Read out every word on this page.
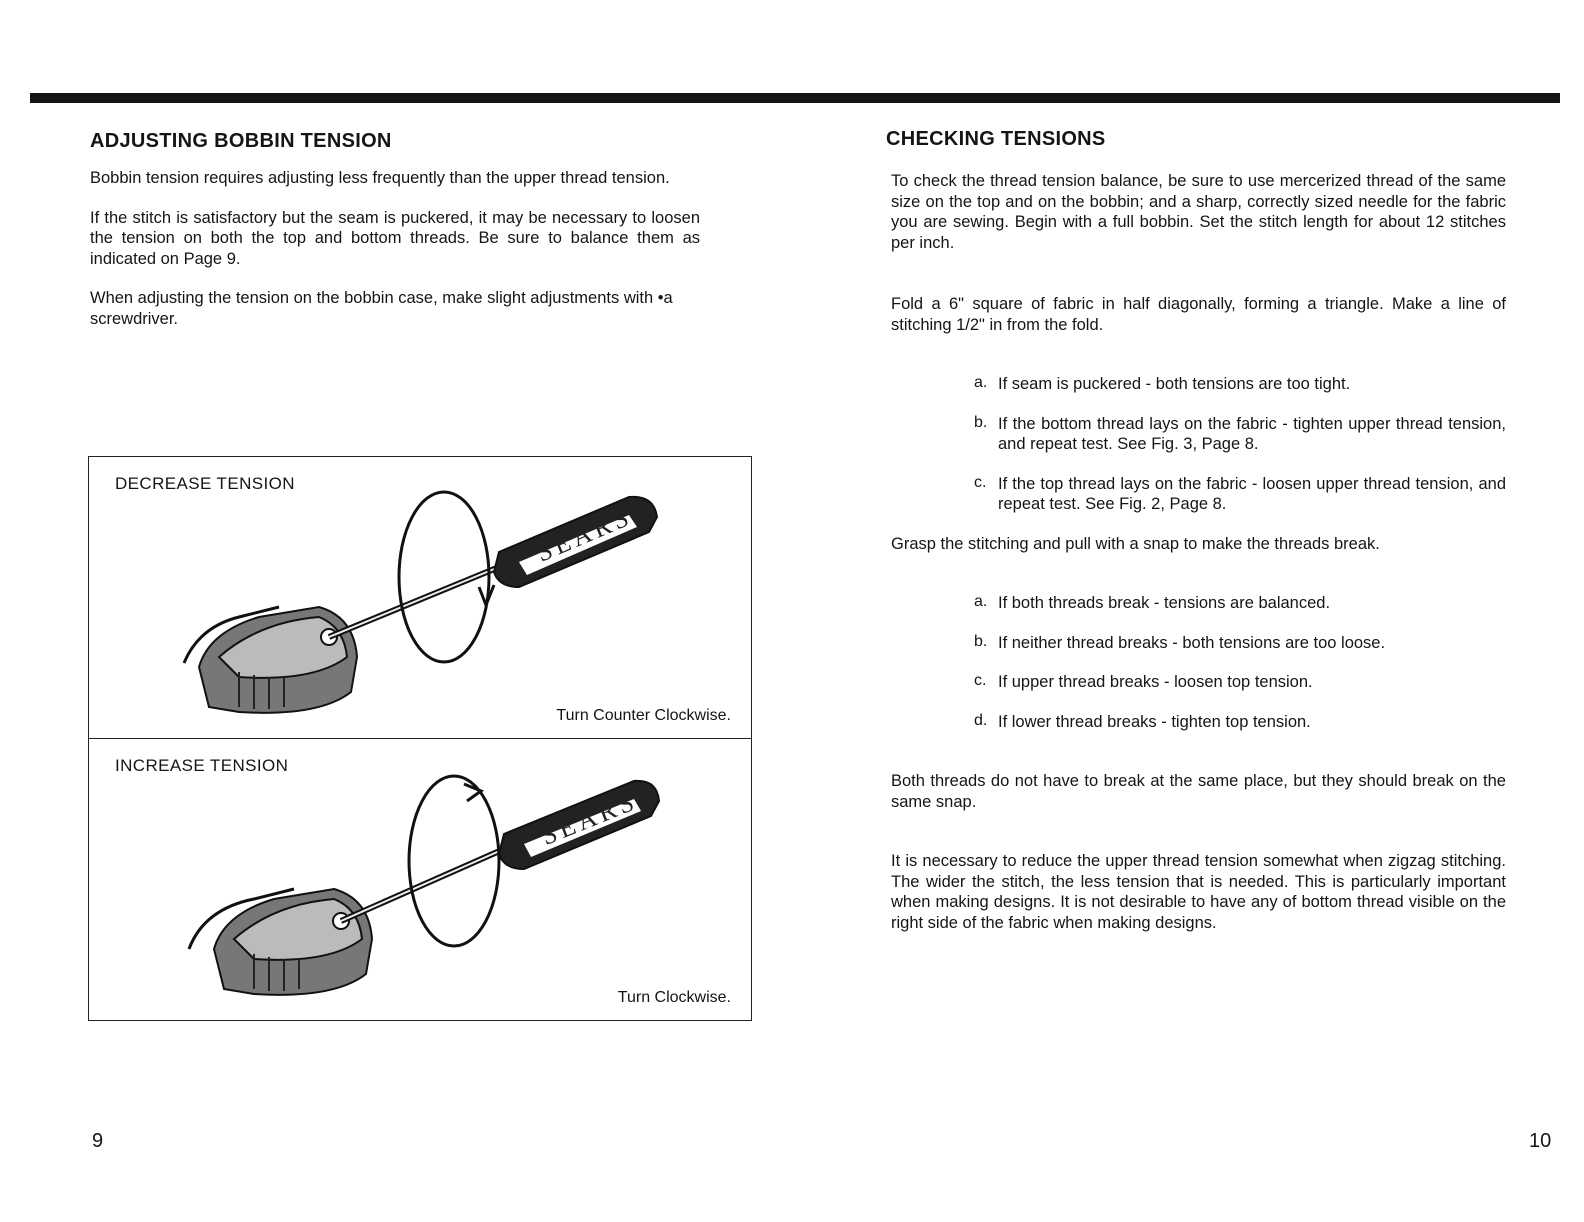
ADJUSTING BOBBIN TENSION

Bobbin tension requires adjusting less frequently than the upper thread tension.

If the stitch is satisfactory but the seam is puckered, it may be necessary to loosen the tension on both the top and bottom threads. Be sure to balance them as indicated on Page 9.

When adjusting the tension on the bobbin case, make slight adjustments with •a screwdriver.

DECREASE TENSION
SEARS
Turn Counter Clockwise.
INCREASE TENSION
SEARS
Turn Clockwise.
CHECKING TENSIONS

To check the thread tension balance, be sure to use mercerized thread of the same size on the top and on the bobbin; and a sharp, correctly sized needle for the fabric you are sewing. Begin with a full bobbin. Set the stitch length for about 12 stitches per inch.

Fold a 6" square of fabric in half diagonally, forming a triangle. Make a line of stitching 1/2" in from the fold.

a. If seam is puckered - both tensions are too tight.

b. If the bottom thread lays on the fabric - tighten upper thread tension, and repeat test. See Fig. 3, Page 8.

c. If the top thread lays on the fabric - loosen upper thread tension, and repeat test. See Fig. 2, Page 8.

Grasp the stitching and pull with a snap to make the threads break.

a. If both threads break - tensions are balanced.

b. If neither thread breaks - both tensions are too loose.

c. If upper thread breaks - loosen top tension.

d. If lower thread breaks - tighten top tension.

Both threads do not have to break at the same place, but they should break on the same snap.

It is necessary to reduce the upper thread tension somewhat when zigzag stitching. The wider the stitch, the less tension that is needed. This is particularly important when making designs. It is not desirable to have any of bottom thread visible on the right side of the fabric when making designs.

9	10
